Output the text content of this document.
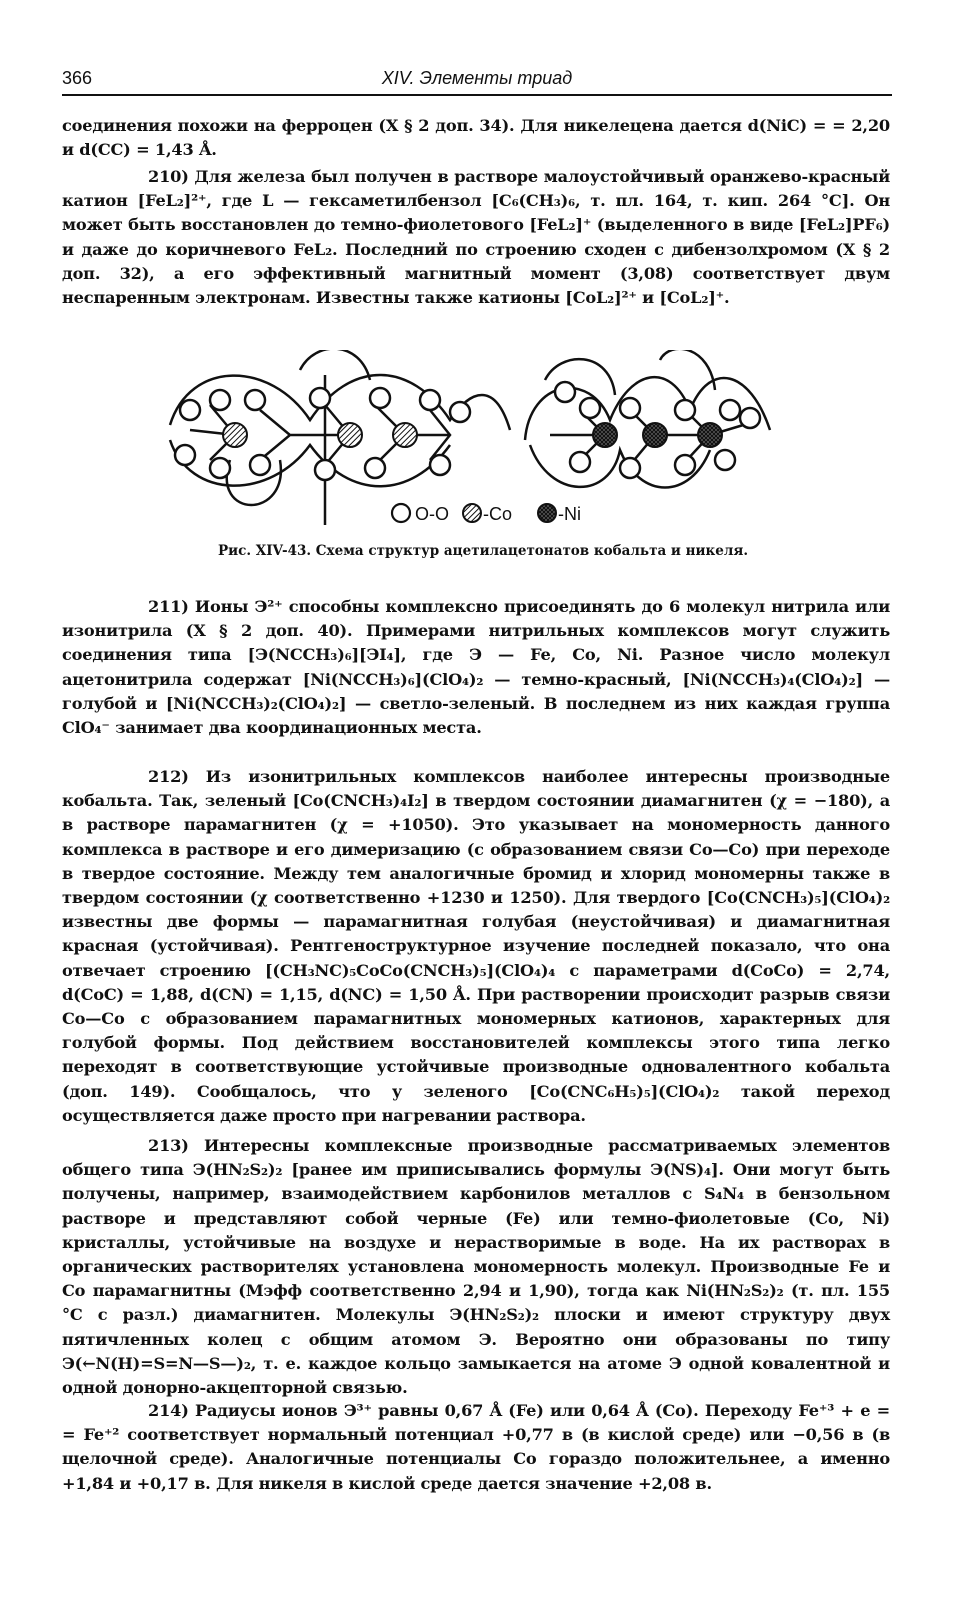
366	XIV. Элементы триад

соединения похожи на ферроцен (X § 2 доп. 34). Для никелецена дается d(NiC) = = 2,20 и d(CC) = 1,43 Å.

210) Для железа был получен в растворе малоустойчивый оранжево-красный катион [FeL₂]²⁺, где L — гексаметилбензол [C₆(CH₃)₆, т. пл. 164, т. кип. 264 °C]. Он может быть восстановлен до темно-фиолетового [FeL₂]⁺ (выделенного в виде [FeL₂]PF₆) и даже до коричневого FeL₂. Последний по строению сходен с дибензолхромом (X § 2 доп. 32), а его эффективный магнитный момент (3,08) соответствует двум неспаренным электронам. Известны также катионы [CoL₂]²⁺ и [CoL₂]⁺.

O-O -Co	-Ni
Рис. XIV-43. Схема структур ацетилацетонатов кобальта и никеля.

211) Ионы Э²⁺ способны комплексно присоединять до 6 молекул нитрила или изонитрила (X § 2 доп. 40). Примерами нитрильных комплексов могут служить соединения типа [Э(NCCH₃)₆][ЭI₄], где Э — Fe, Co, Ni. Разное число молекул ацетонитрила содержат [Ni(NCCH₃)₆](ClO₄)₂ — темно-красный, [Ni(NCCH₃)₄(ClO₄)₂] — голубой и [Ni(NCCH₃)₂(ClO₄)₂] — светло-зеленый. В последнем из них каждая группа ClO₄⁻ занимает два координационных места.

212) Из изонитрильных комплексов наиболее интересны производные кобальта. Так, зеленый [Co(CNCH₃)₄I₂] в твердом состоянии диамагнитен (χ = −180), а в растворе парамагнитен (χ = +1050). Это указывает на мономерность данного комплекса в растворе и его димеризацию (с образованием связи Co—Co) при переходе в твердое состояние. Между тем аналогичные бромид и хлорид мономерны также в твердом состоянии (χ соответственно +1230 и 1250). Для твердого [Co(CNCH₃)₅](ClO₄)₂ известны две формы — парамагнитная голубая (неустойчивая) и диамагнитная красная (устойчивая). Рентгеноструктурное изучение последней показало, что она отвечает строению [(CH₃NC)₅CoCo(CNCH₃)₅](ClO₄)₄ с параметрами d(CoCo) = 2,74, d(CoC) = 1,88, d(CN) = 1,15, d(NC) = 1,50 Å. При растворении происходит разрыв связи Co—Co с образованием парамагнитных мономерных катионов, характерных для голубой формы. Под действием восстановителей комплексы этого типа легко переходят в соответствующие устойчивые производные одновалентного кобальта (доп. 149). Сообщалось, что у зеленого [Co(CNC₆H₅)₅](ClO₄)₂ такой переход осуществляется даже просто при нагревании раствора.

213) Интересны комплексные производные рассматриваемых элементов общего типа Э(HN₂S₂)₂ [ранее им приписывались формулы Э(NS)₄]. Они могут быть получены, например, взаимодействием карбонилов металлов с S₄N₄ в бензольном растворе и представляют собой черные (Fe) или темно-фиолетовые (Co, Ni) кристаллы, устойчивые на воздухе и нерастворимые в воде. На их растворах в органических растворителях установлена мономерность молекул. Производные Fe и Co парамагнитны (Mэфф соответственно 2,94 и 1,90), тогда как Ni(HN₂S₂)₂ (т. пл. 155 °C с разл.) диамагнитен. Молекулы Э(HN₂S₂)₂ плоски и имеют структуру двух пятичленных колец с общим атомом Э. Вероятно они образованы по типу Э(←N(H)=S=N—S—)₂, т. е. каждое кольцо замыкается на атоме Э одной ковалентной и одной донорно-акцепторной связью.

214) Радиусы ионов Э³⁺ равны 0,67 Å (Fe) или 0,64 Å (Co). Переходу Fe⁺³ + e = = Fe⁺² соответствует нормальный потенциал +0,77 в (в кислой среде) или −0,56 в (в щелочной среде). Аналогичные потенциалы Co гораздо положительнее, а именно +1,84 и +0,17 в. Для никеля в кислой среде дается значение +2,08 в.
